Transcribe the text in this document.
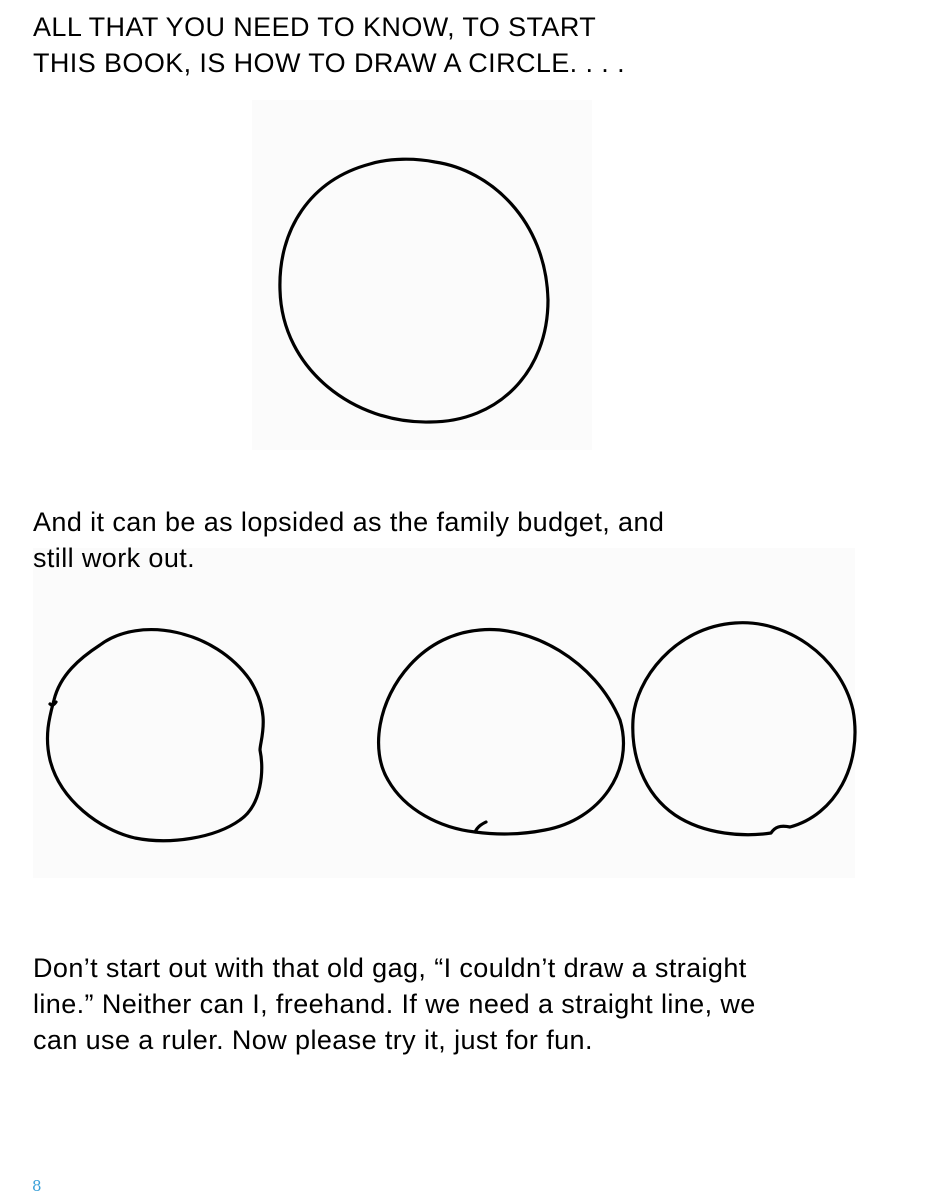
ALL THAT YOU NEED TO KNOW, TO START
THIS BOOK, IS HOW TO DRAW A CIRCLE. . . .
And it can be as lopsided as the family budget, and
still work out.
Don’t start out with that old gag, “I couldn’t draw a straight
line.” Neither can I, freehand. If we need a straight line, we
can use a ruler. Now please try it, just for fun.
8
